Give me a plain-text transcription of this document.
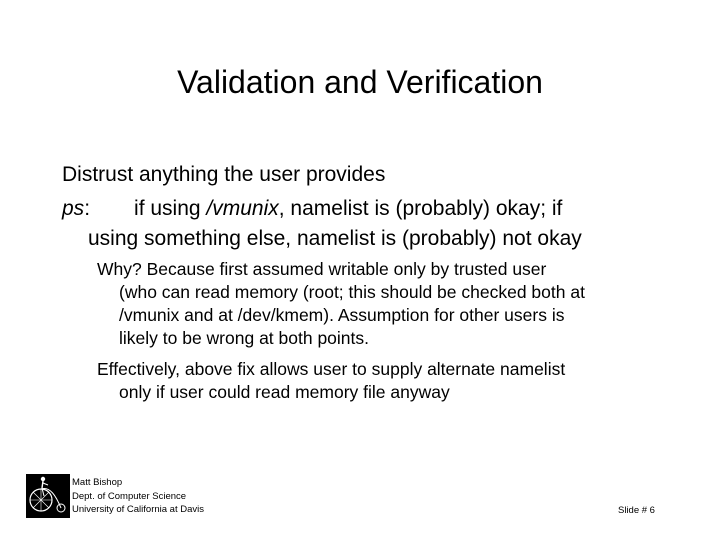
Validation and Verification
Distrust anything the user provides
ps: if using /vmunix, namelist is (probably) okay; if
using something else, namelist is (probably) not okay
Why? Because first assumed writable only by trusted user
(who can read memory (root; this should be checked both at
/vmunix and at /dev/kmem). Assumption for other users is
likely to be wrong at both points.
Effectively, above fix allows user to supply alternate namelist
only if user could read memory file anyway
Matt Bishop
Dept. of Computer Science
University of California at Davis	Slide # 6
